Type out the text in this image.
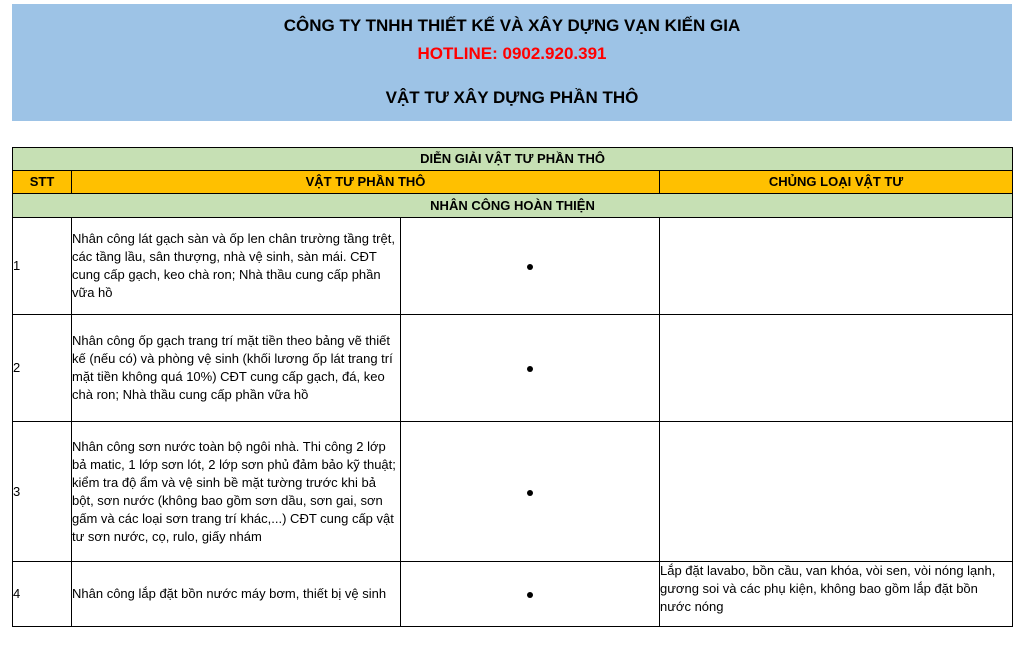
CÔNG TY TNHH THIẾT KẾ VÀ XÂY DỰNG VẠN KIẾN GIA
HOTLINE: 0902.920.391
VẬT TƯ XÂY DỰNG PHẦN THÔ
DIỄN GIẢI VẬT TƯ PHẦN THÔ			
STT	VẬT TƯ PHẦN THÔ		CHỦNG LOẠI VẬT TƯ
NHÂN CÔNG HOÀN THIỆN			
1	Nhân công lát gạch sàn và ốp len chân trường tầng trệt, các tầng lầu, sân thượng, nhà vệ sinh, sàn mái. CĐT cung cấp gạch, keo chà ron; Nhà thầu cung cấp phần vữa hồ		
2	Nhân công ốp gạch trang trí mặt tiền theo bảng vẽ thiết kế (nếu có) và phòng vệ sinh (khối lương ốp lát trang trí mặt tiền không quá 10%) CĐT cung cấp gạch, đá, keo chà ron; Nhà thầu cung cấp phần vữa hồ		
3	Nhân công sơn nước toàn bộ ngôi nhà. Thi công 2 lớp bả matic, 1 lớp sơn lót, 2 lớp sơn phủ đảm bảo kỹ thuật; kiểm tra độ ẩm và vệ sinh bề mặt tường trước khi bả bột, sơn nước (không bao gồm sơn dầu, sơn gai, sơn gấm và các loại sơn trang trí khác,...) CĐT cung cấp vật tư sơn nước, cọ, rulo, giấy nhám		
4	Nhân công lắp đặt bồn nước máy bơm, thiết bị vệ sinh		Lắp đặt lavabo, bồn cầu, van khóa, vòi sen, vòi nóng lạnh, gương soi và các phụ kiện, không bao gồm lắp đặt bồn nước nóng
